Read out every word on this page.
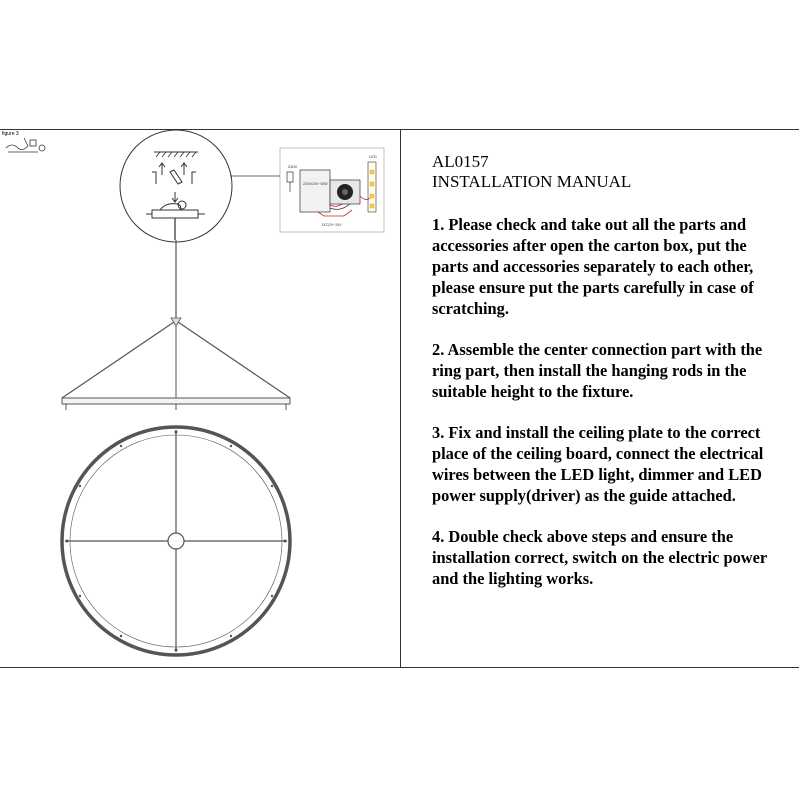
figure 3
230V
220V/24V~30W
DC12V~24V
LED	AL0157

INSTALLATION MANUAL

1. Please check and take out all the parts and accessories after open the carton box, put the parts and accessories separately to each other, please ensure put the parts carefully in case of scratching.

2. Assemble the center connection part with the ring part, then install the hanging rods in the suitable height to the fixture.

3. Fix and install the ceiling plate to the correct place of the ceiling board, connect the electrical wires between the LED light, dimmer and LED power supply(driver) as the guide attached.

4. Double check above steps and ensure the installation correct, switch on the electric power and the lighting works.
